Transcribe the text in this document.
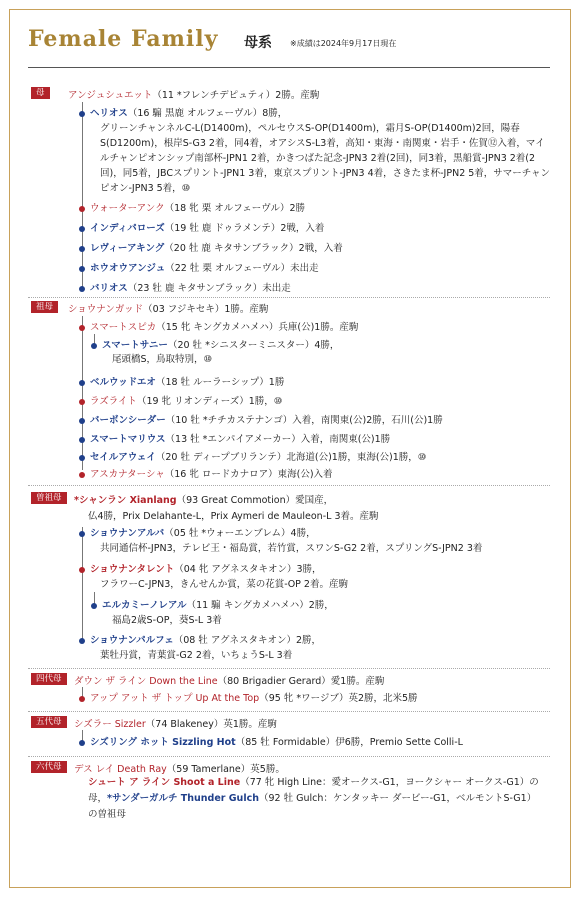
Female Family 母系 ※成績は2024年9月17日現在
母	アンジュシュエット（11 *フレンチデピュティ）2勝。産駒
ヘリオス（16 騸 黒鹿 オルフェーヴル）8勝，
グリーンチャンネルC-L(D1400m)，ペルセウスS-OP(D1400m)，霜月S-OP(D1400m)2回，陽春S(D1200m)，根岸S-G3 2着，同4着，オアシスS-L3着，高知・東海・南関東・岩手・佐賀⑫入着，マイルチャンピオンシップ南部杯-JPN1 2着，かきつばた記念-JPN3 2着(2回)，同3着，黒船賞-JPN3 2着(2回)，同5着，JBCスプリント-JPN1 3着，東京スプリント-JPN3 4着，さきたま杯-JPN2 5着，サマーチャンピオン-JPN3 5着，⑩
ウォーターアンク（18 牝 栗 オルフェーヴル）2勝
インディパローズ（19 牡 鹿 ドゥラメンテ）2戦，入着
レヴィーアキング（20 牡 鹿 キタサンブラック）2戦，入着
ホウオウアンジュ（22 牡 栗 オルフェーヴル）未出走
バリオス（23 牡 鹿 キタサンブラック）未出走
祖母	ショウナンガッド（03 フジキセキ）1勝。産駒
スマートスピカ（15 牝 キングカメハメハ）兵庫(公)1勝。産駒
スマートサニー（20 牡 *シニスターミニスター）4勝，
尾頭橋S，鳥取特別，⑩
ベルウッドエオ（18 牡 ルーラーシップ）1勝
ラズライト（19 牝 リオンディーズ）1勝，⑩
バーボンシーダー（10 牡 *チチカステナンゴ）入着，南関東(公)2勝，石川(公)1勝
スマートマリウス（13 牡 *エンパイアメーカー）入着，南関東(公)1勝
セイルアウェイ（20 牡 ディープブリランテ）北海道(公)1勝，東海(公)1勝，⑩
アスカナターシャ（16 牝 ロードカナロア）東海(公)入着
曽祖母	*シャンラン Xianlang（93 Great Commotion）愛国産，
仏4勝，Prix Delahante-L，Prix Aymeri de Mauleon-L 3着。産駒
ショウナンアルバ（05 牡 *ウォーエンブレム）4勝，
共同通信杯-JPN3，テレビ王・福島賞，若竹賞，スワンS-G2 2着，スプリングS-JPN2 3着
ショウナンタレント（04 牝 アグネスタキオン）3勝，
フラワーC-JPN3，きんせんか賞，菜の花賞-OP 2着。産駒
エルカミーノレアル（11 騸 キングカメハメハ）2勝，
福島2歳S-OP，葵S-L 3着
ショウナンパルフェ（08 牡 アグネスタキオン）2勝，
葉牡丹賞，青葉賞-G2 2着，いちょうS-L 3着
四代母	ダウン ザ ライン Down the Line（80 Brigadier Gerard）愛1勝。産駒
アップ アット ザ トップ Up At the Top（95 牝 *ワージブ）英2勝，北米5勝
五代母	シズラー Sizzler（74 Blakeney）英1勝。産駒
シズリング ホット Sizzling Hot（85 牡 Formidable）伊6勝，Premio Sette Colli-L
六代母	デス レイ Death Ray（59 Tamerlane）英5勝。
シュート ア ライン Shoot a Line（77 牝 High Line：愛オークス-G1，ヨークシャー オークス-G1）の
母，*サンダーガルチ Thunder Gulch（92 牡 Gulch：ケンタッキー ダービー-G1，ベルモントS-G1）
の曽祖母
